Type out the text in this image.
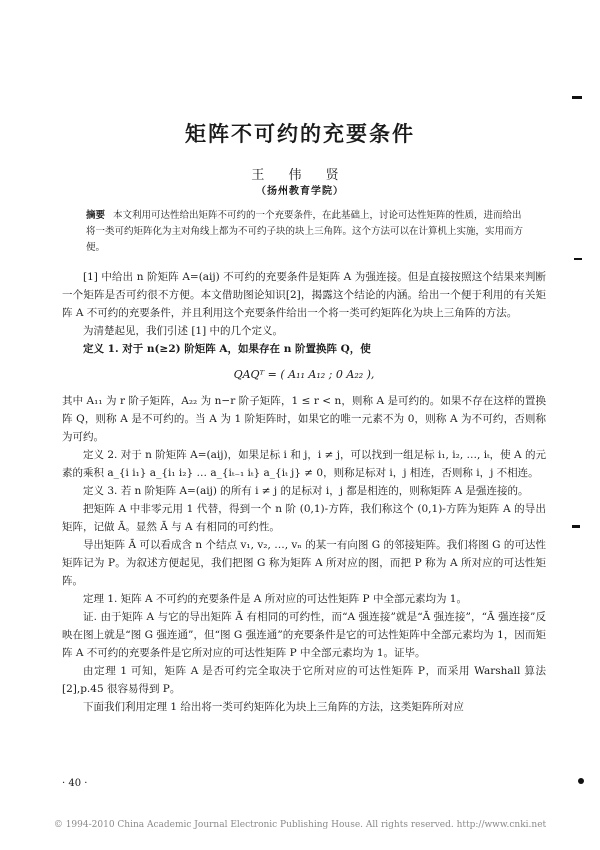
矩阵不可约的充要条件
王 伟 贤
（扬州教育学院）
摘要 本文利用可达性给出矩阵不可约的一个充要条件，在此基础上，讨论可达性矩阵的性质，进而给出将一类可约矩阵化为主对角线上都为不可约子块的块上三角阵。这个方法可以在计算机上实施，实用而方便。

[1] 中给出 n 阶矩阵 A=(aij) 不可约的充要条件是矩阵 A 为强连接。但是直接按照这个结果来判断一个矩阵是否可约很不方便。本文借助图论知识[2]，揭露这个结论的内涵。给出一个便于利用的有关矩阵 A 不可约的充要条件，并且利用这个充要条件给出一个将一类可约矩阵化为块上三角阵的方法。

为清楚起见，我们引述 [1] 中的几个定义。

定义 1. 对于 n(≥2) 阶矩阵 A，如果存在 n 阶置换阵 Q，使

QAQᵀ = ( A₁₁ A₁₂ ; 0 A₂₂ ),

其中 A₁₁ 为 r 阶子矩阵，A₂₂ 为 n−r 阶子矩阵，1 ≤ r < n，则称 A 是可约的。如果不存在这样的置换阵 Q，则称 A 是不可约的。当 A 为 1 阶矩阵时，如果它的唯一元素不为 0，则称 A 为不可约，否则称为可约。

定义 2. 对于 n 阶矩阵 A=(aij)，如果足标 i 和 j，i ≠ j，可以找到一组足标 i₁, i₂, …, iₜ，使 A 的元素的乘积 a_{i i₁} a_{i₁ i₂} … a_{iₜ₋₁ iₜ} a_{iₜ j} ≠ 0，则称足标对 i，j 相连，否则称 i，j 不相连。

定义 3. 若 n 阶矩阵 A=(aij) 的所有 i ≠ j 的足标对 i，j 都是相连的，则称矩阵 A 是强连接的。

把矩阵 A 中非零元用 1 代替，得到一个 n 阶 (0,1)-方阵，我们称这个 (0,1)-方阵为矩阵 A 的导出矩阵，记做 Ā。显然 Ā 与 A 有相同的可约性。

导出矩阵 Ā 可以看成含 n 个结点 v₁, v₂, …, vₙ 的某一有向图 G 的邻接矩阵。我们将图 G 的可达性矩阵记为 P。为叙述方便起见，我们把图 G 称为矩阵 A 所对应的图，而把 P 称为 A 所对应的可达性矩阵。

定理 1. 矩阵 A 不可约的充要条件是 A 所对应的可达性矩阵 P 中全部元素均为 1。

证. 由于矩阵 A 与它的导出矩阵 Ā 有相同的可约性，而“A 强连接”就是“Ā 强连接”，“Ā 强连接”反映在图上就是“图 G 强连通”，但“图 G 强连通”的充要条件是它的可达性矩阵中全部元素均为 1，因而矩阵 A 不可约的充要条件是它所对应的可达性矩阵 P 中全部元素均为 1。证毕。

由定理 1 可知，矩阵 A 是否可约完全取决于它所对应的可达性矩阵 P，而采用 Warshall 算法[2],p.45 很容易得到 P。

下面我们利用定理 1 给出将一类可约矩阵化为块上三角阵的方法，这类矩阵所对应

· 40 ·
© 1994-2010 China Academic Journal Electronic Publishing House. All rights reserved. http://www.cnki.net
